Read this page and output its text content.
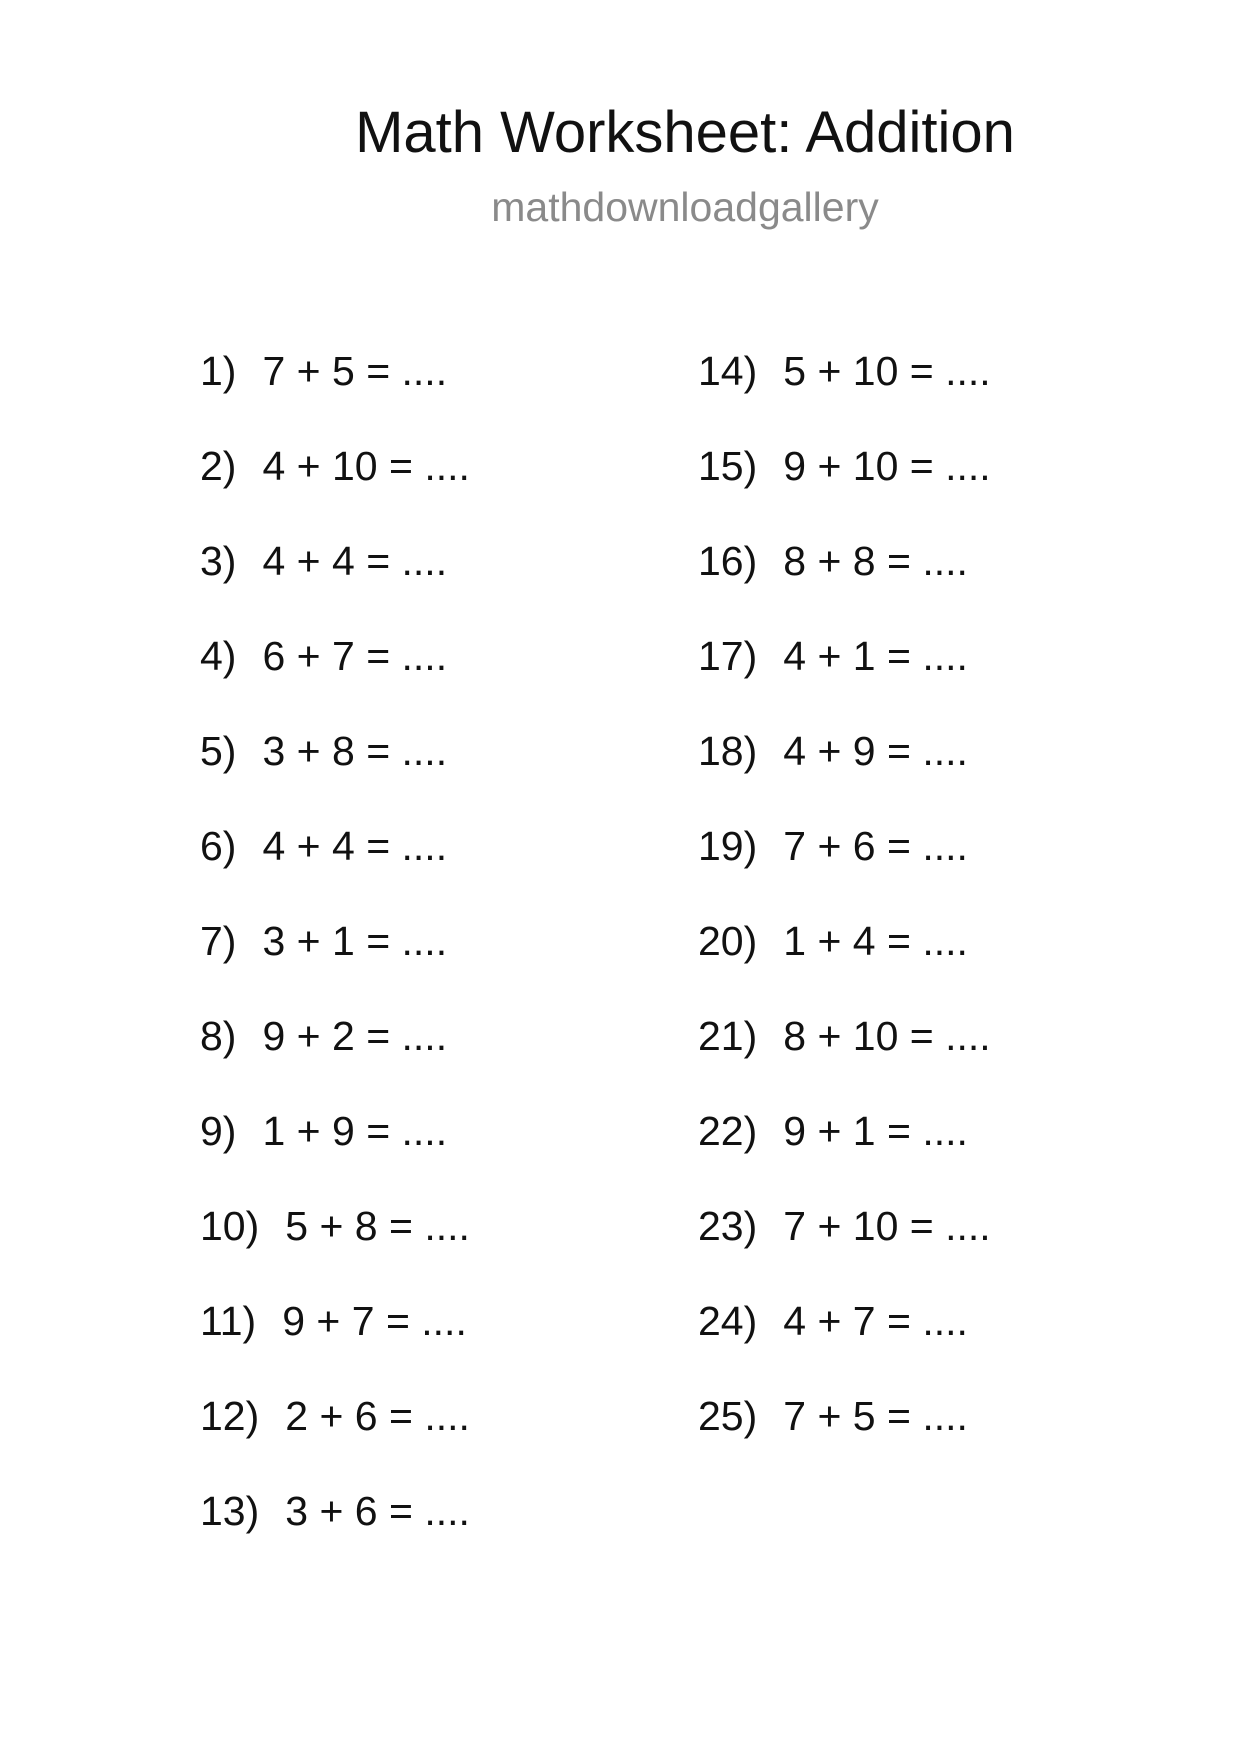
Math Worksheet: Addition
mathdownloadgallery
1) 7 + 5 = ....
2) 4 + 10 = ....
3) 4 + 4 = ....
4) 6 + 7 = ....
5) 3 + 8 = ....
6) 4 + 4 = ....
7) 3 + 1 = ....
8) 9 + 2 = ....
9) 1 + 9 = ....
10) 5 + 8 = ....
11) 9 + 7 = ....
12) 2 + 6 = ....
13) 3 + 6 = ....
14) 5 + 10 = ....
15) 9 + 10 = ....
16) 8 + 8 = ....
17) 4 + 1 = ....
18) 4 + 9 = ....
19) 7 + 6 = ....
20) 1 + 4 = ....
21) 8 + 10 = ....
22) 9 + 1 = ....
23) 7 + 10 = ....
24) 4 + 7 = ....
25) 7 + 5 = ....
